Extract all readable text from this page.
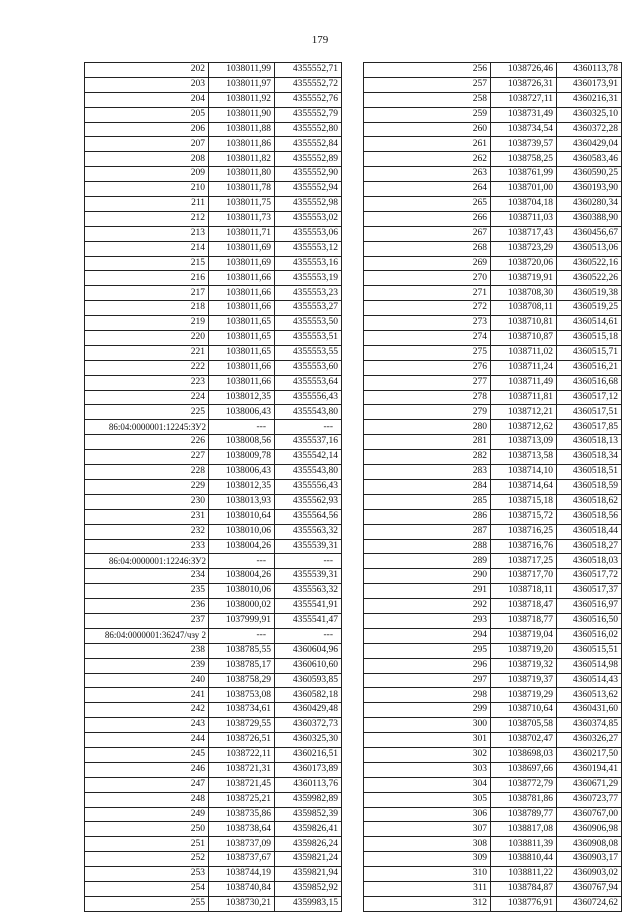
179
202	1038011,99	4355552,71
203	1038011,97	4355552,72
204	1038011,92	4355552,76
205	1038011,90	4355552,79
206	1038011,88	4355552,80
207	1038011,86	4355552,84
208	1038011,82	4355552,89
209	1038011,80	4355552,90
210	1038011,78	4355552,94
211	1038011,75	4355552,98
212	1038011,73	4355553,02
213	1038011,71	4355553,06
214	1038011,69	4355553,12
215	1038011,69	4355553,16
216	1038011,66	4355553,19
217	1038011,66	4355553,23
218	1038011,66	4355553,27
219	1038011,65	4355553,50
220	1038011,65	4355553,51
221	1038011,65	4355553,55
222	1038011,66	4355553,60
223	1038011,66	4355553,64
224	1038012,35	4355556,43
225	1038006,43	4355543,80
86:04:0000001:12245:ЗУ2	---	---
226	1038008,56	4355537,16
227	1038009,78	4355542,14
228	1038006,43	4355543,80
229	1038012,35	4355556,43
230	1038013,93	4355562,93
231	1038010,64	4355564,56
232	1038010,06	4355563,32
233	1038004,26	4355539,31
86:04:0000001:12246:ЗУ2	---	---
234	1038004,26	4355539,31
235	1038010,06	4355563,32
236	1038000,02	4355541,91
237	1037999,91	4355541,47
86:04:0000001:36247/чзу 2	---	---
238	1038785,55	4360604,96
239	1038785,17	4360610,60
240	1038758,29	4360593,85
241	1038753,08	4360582,18
242	1038734,61	4360429,48
243	1038729,55	4360372,73
244	1038726,51	4360325,30
245	1038722,11	4360216,51
246	1038721,31	4360173,89
247	1038721,45	4360113,76
248	1038725,21	4359982,89
249	1038735,86	4359852,39
250	1038738,64	4359826,41
251	1038737,09	4359826,24
252	1038737,67	4359821,24
253	1038744,19	4359821,94
254	1038740,84	4359852,92
255	1038730,21	4359983,15
256	1038726,46	4360113,78
257	1038726,31	4360173,91
258	1038727,11	4360216,31
259	1038731,49	4360325,10
260	1038734,54	4360372,28
261	1038739,57	4360429,04
262	1038758,25	4360583,46
263	1038761,99	4360590,25
264	1038701,00	4360193,90
265	1038704,18	4360280,34
266	1038711,03	4360388,90
267	1038717,43	4360456,67
268	1038723,29	4360513,06
269	1038720,06	4360522,16
270	1038719,91	4360522,26
271	1038708,30	4360519,38
272	1038708,11	4360519,25
273	1038710,81	4360514,61
274	1038710,87	4360515,18
275	1038711,02	4360515,71
276	1038711,24	4360516,21
277	1038711,49	4360516,68
278	1038711,81	4360517,12
279	1038712,21	4360517,51
280	1038712,62	4360517,85
281	1038713,09	4360518,13
282	1038713,58	4360518,34
283	1038714,10	4360518,51
284	1038714,64	4360518,59
285	1038715,18	4360518,62
286	1038715,72	4360518,56
287	1038716,25	4360518,44
288	1038716,76	4360518,27
289	1038717,25	4360518,03
290	1038717,70	4360517,72
291	1038718,11	4360517,37
292	1038718,47	4360516,97
293	1038718,77	4360516,50
294	1038719,04	4360516,02
295	1038719,20	4360515,51
296	1038719,32	4360514,98
297	1038719,37	4360514,43
298	1038719,29	4360513,62
299	1038710,64	4360431,60
300	1038705,58	4360374,85
301	1038702,47	4360326,27
302	1038698,03	4360217,50
303	1038697,66	4360194,41
304	1038772,79	4360671,29
305	1038781,86	4360723,77
306	1038789,77	4360767,00
307	1038817,08	4360906,98
308	1038811,39	4360908,08
309	1038810,44	4360903,17
310	1038811,22	4360903,02
311	1038784,87	4360767,94
312	1038776,91	4360724,62
